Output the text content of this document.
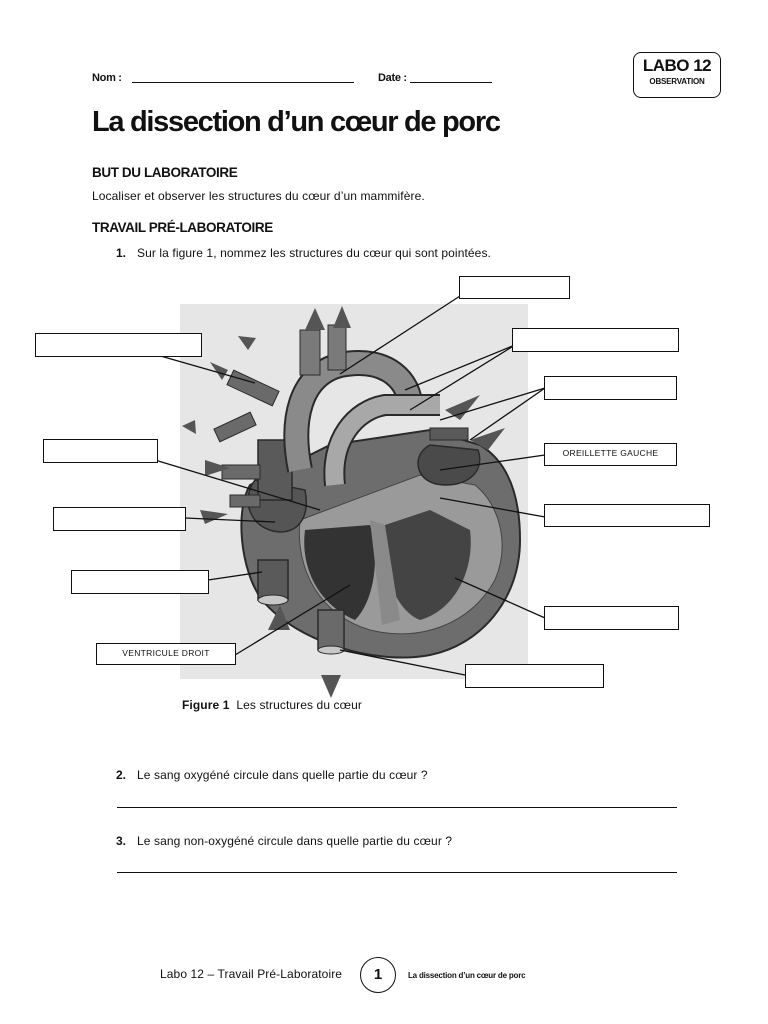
Nom :	Date :
LABO 12
OBSERVATION
La dissection d’un cœur de porc
BUT DU LABORATOIRE
Localiser et observer les structures du cœur d’un mammifère.
TRAVAIL PRÉ-LABORATOIRE
1. Sur la figure 1, nommez les structures du cœur qui sont pointées.
OREILLETTE GAUCHE
VENTRICULE DROIT
Figure 1 Les structures du cœur
2. Le sang oxygéné circule dans quelle partie du cœur ?
3. Le sang non-oxygéné circule dans quelle partie du cœur ?
Labo 12 – Travail Pré-Laboratoire	1	La dissection d’un cœur de porc
